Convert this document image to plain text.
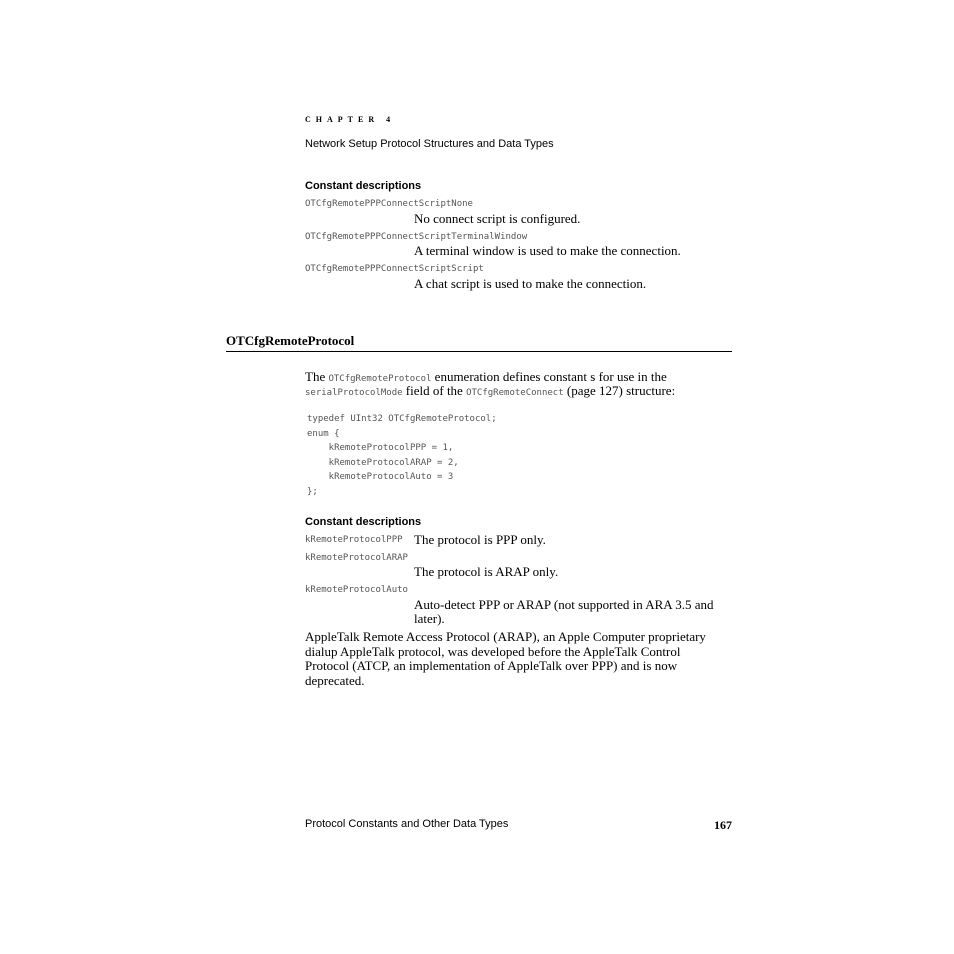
CHAPTER 4
Network Setup Protocol Structures and Data Types
Constant descriptions
OTCfgRemotePPPConnectScriptNone
No connect script is configured.
OTCfgRemotePPPConnectScriptTerminalWindow
A terminal window is used to make the connection.
OTCfgRemotePPPConnectScriptScript
A chat script is used to make the connection.
OTCfgRemoteProtocol
The OTCfgRemoteProtocol enumeration defines constant s for use in the
serialProtocolMode field of the OTCfgRemoteConnect (page 127) structure:
typedef UInt32 OTCfgRemoteProtocol;
enum {
kRemoteProtocolPPP = 1,
kRemoteProtocolARAP = 2,
kRemoteProtocolAuto = 3
};
Constant descriptions
kRemoteProtocolPPP The protocol is PPP only.
kRemoteProtocolARAP
The protocol is ARAP only.
kRemoteProtocolAuto
Auto-detect PPP or ARAP (not supported in ARA 3.5 and
later).
AppleTalk Remote Access Protocol (ARAP), an Apple Computer proprietary
dialup AppleTalk protocol, was developed before the AppleTalk Control
Protocol (ATCP, an implementation of AppleTalk over PPP) and is now
deprecated.
Protocol Constants and Other Data Types	167
